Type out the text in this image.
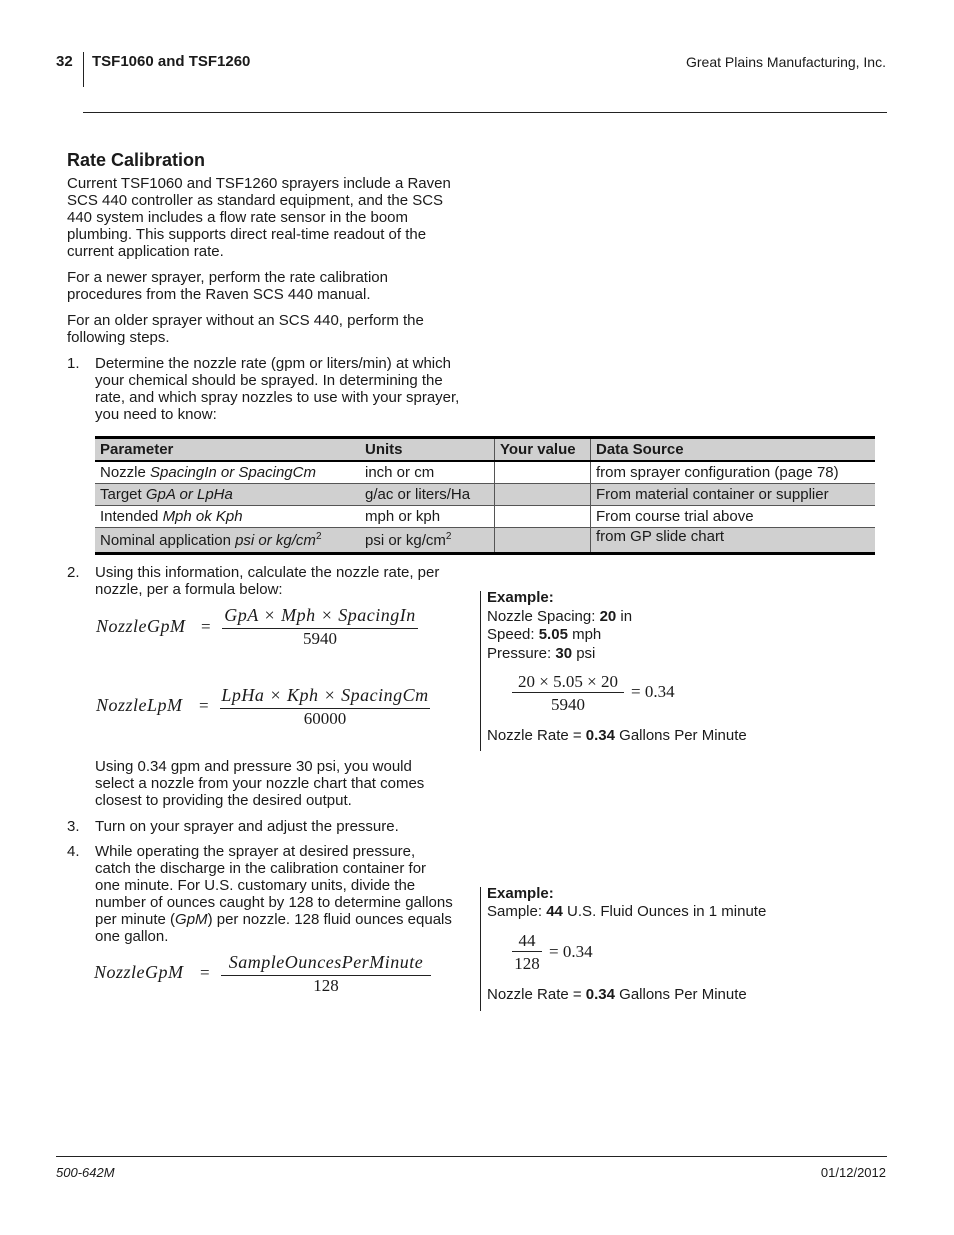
32 TSF1060 and TSF1260	Great Plains Manufacturing, Inc.
Rate Calibration

Current TSF1060 and TSF1260 sprayers include a Raven SCS 440 controller as standard equipment, and the SCS 440 system includes a flow rate sensor in the boom plumbing. This supports direct real-time readout of the current application rate.

For a newer sprayer, perform the rate calibration procedures from the Raven SCS 440 manual.

For an older sprayer without an SCS 440, perform the following steps.

1. Determine the nozzle rate (gpm or liters/min) at which your chemical should be sprayed. In determining the rate, and which spray nozzles to use with your sprayer, you need to know:

Parameter	Units	Your value	Data Source
Nozzle SpacingIn or SpacingCm	inch or cm		from sprayer configuration (page 78)
Target GpA or LpHa	g/ac or liters/Ha		From material container or supplier
Intended Mph ok Kph	mph or kph		From course trial above
Nominal application psi or $kg/cm^2$	psi or $kg/cm^2$		from GP slide chart
2. Using this information, calculate the nozzle rate, per nozzle, per a formula below:

NozzleGpM =
GpA × Mph × SpacingIn
5940
NozzleLpM =
LpHa × Kph × SpacingCm
60000

Using 0.34 gpm and pressure 30 psi, you would select a nozzle from your nozzle chart that comes closest to providing the desired output.

3. Turn on your sprayer and adjust the pressure.

4. While operating the sprayer at desired pressure, catch the discharge in the calibration container for one minute. For U.S. customary units, divide the number of ounces caught by 128 to determine gallons per minute (GpM) per nozzle. 128 fluid ounces equals one gallon.

NozzleGpM =
SampleOuncesPerMinute
128
Example:
Nozzle Spacing: 20 in
Speed: 5.05 mph
Pressure: 30 psi
20 × 5.05 × 20
5940
= 0.34
Nozzle Rate = 0.34 Gallons Per Minute
Example:
Sample: 44 U.S. Fluid Ounces in 1 minute
44
128
= 0.34
Nozzle Rate = 0.34 Gallons Per Minute
500-642M	01/12/2012
